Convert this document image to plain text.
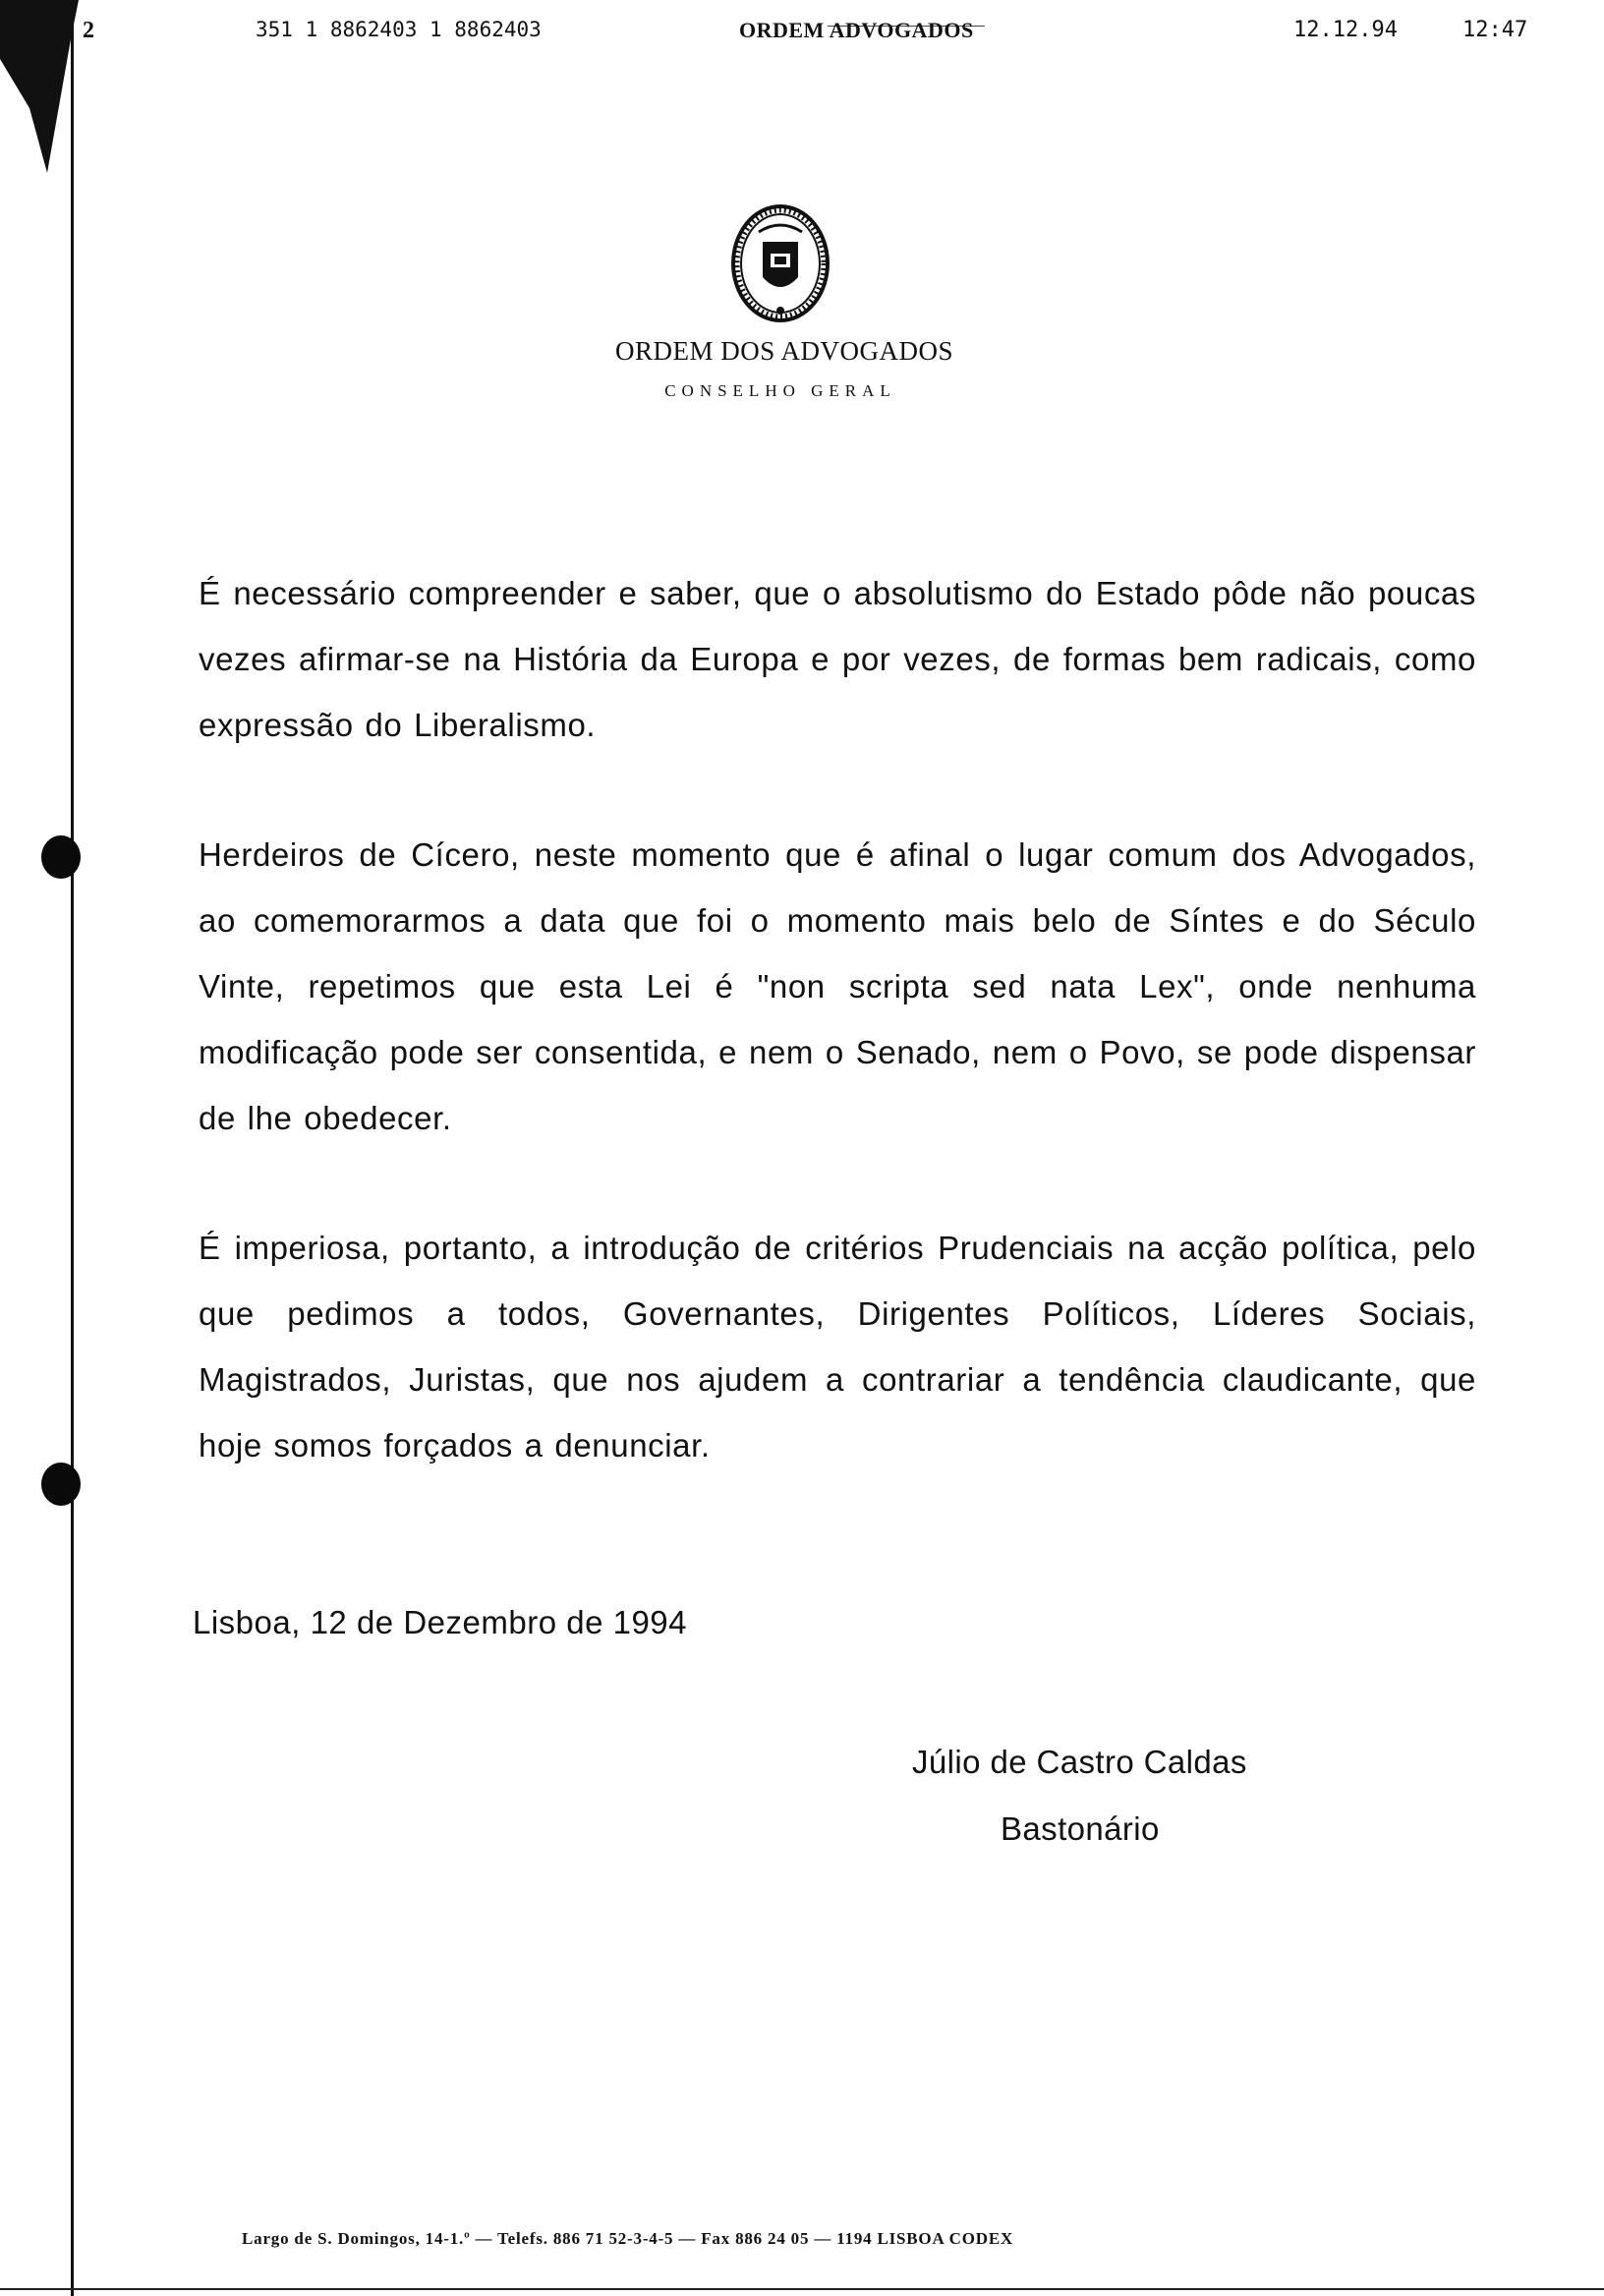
2	351 1 8862403 1 8862403	ORDEM ADVOGADOS	12.12.94	12:47
ORDEM DOS ADVOGADOS
CONSELHO GERAL
É necessário compreender e saber, que o absolutismo do Estado pôde não poucas vezes afirmar-se na História da Europa e por vezes, de formas bem radicais, como expressão do Liberalismo.
Herdeiros de Cícero, neste momento que é afinal o lugar comum dos Advogados, ao comemorarmos a data que foi o momento mais belo de Síntes e do Século Vinte, repetimos que esta Lei é "non scripta sed nata Lex", onde nenhuma modificação pode ser consentida, e nem o Senado, nem o Povo, se pode dispensar de lhe obedecer.
É imperiosa, portanto, a introdução de critérios Prudenciais na acção política, pelo que pedimos a todos, Governantes, Dirigentes Políticos, Líderes Sociais, Magistrados, Juristas, que nos ajudem a contrariar a tendência claudicante, que hoje somos forçados a denunciar.
Lisboa, 12 de Dezembro de 1994
Júlio de Castro Caldas
Bastonário
Largo de S. Domingos, 14-1.º — Telefs. 886 71 52-3-4-5 — Fax 886 24 05 — 1194 LISBOA CODEX
